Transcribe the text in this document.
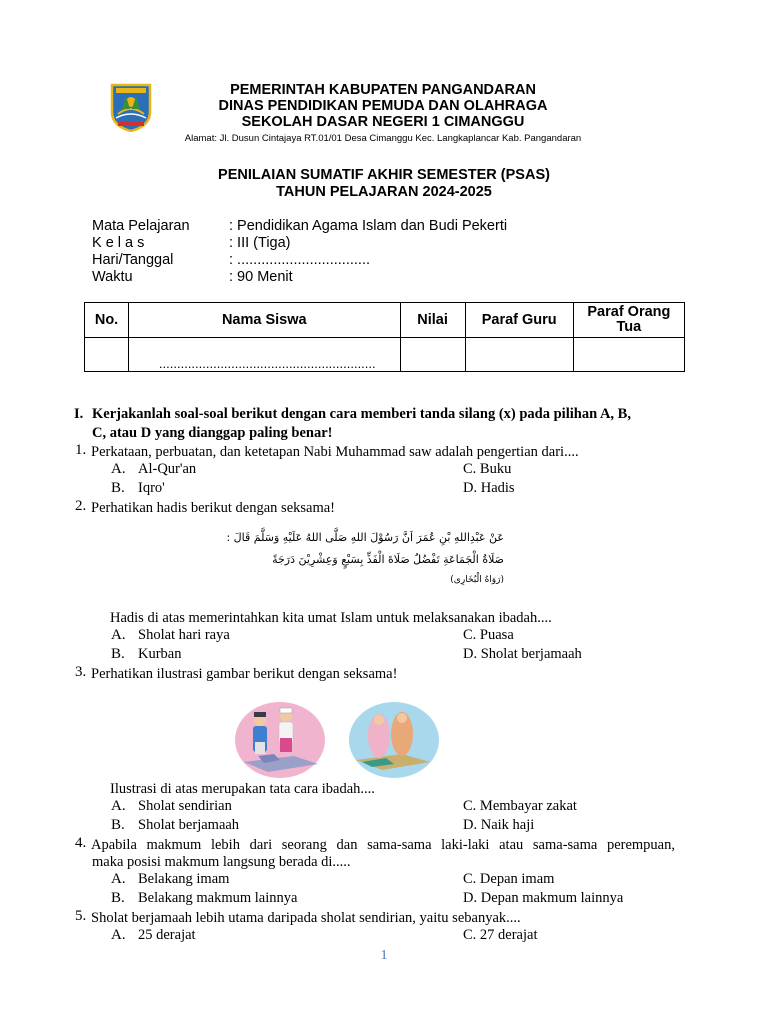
PEMERINTAH KABUPATEN PANGANDARAN
DINAS PENDIDIKAN PEMUDA DAN OLAHRAGA
SEKOLAH DASAR NEGERI 1 CIMANGGU
Alamat: Jl. Dusun Cintajaya RT.01/01 Desa Cimanggu Kec. Langkaplancar Kab. Pangandaran
PENILAIAN SUMATIF AKHIR SEMESTER (PSAS)
TAHUN PELAJARAN 2024-2025
Mata Pelajaran	: Pendidikan Agama Islam dan Budi Pekerti
K e l a s	: III (Tiga)
Hari/Tanggal	: .................................
Waktu	: 90 Menit
No.	Nama Siswa	Nilai	Paraf Guru	Paraf Orang Tua
	............................................................			
I. Kerjakanlah soal-soal berikut dengan cara memberi tanda silang (x) pada pilihan A, B,
C, atau D yang dianggap paling benar!
1. Perkataan, perbuatan, dan ketetapan Nabi Muhammad saw adalah pengertian dari....
A. Al-Qur'an	C. Buku
B. Iqro'	D. Hadis
2. Perhatikan hadis berikut dengan seksama!
عَنْ عَبْدِاللهِ بْنِ عُمَرَ اَنَّ رَسُوْلَ اللهِ صَلَّى اللهُ عَلَيْهِ وَسَلَّمَ قَالَ :
صَلَاةُ الْجَمَاعَةِ تَفْضُلُ صَلَاةَ الْفَذِّ بِسَبْعٍ وَعِشْرِيْنَ دَرَجَةً
(رَوَاهُ الْبُخَارِى)
Hadis di atas memerintahkan kita umat Islam untuk melaksanakan ibadah....
A. Sholat hari raya	C. Puasa
B. Kurban	D. Sholat berjamaah
3. Perhatikan ilustrasi gambar berikut dengan seksama!
Ilustrasi di atas merupakan tata cara ibadah....
A. Sholat sendirian	C. Membayar zakat
B. Sholat berjamaah	D. Naik haji
4. Apabila makmum lebih dari seorang dan sama-sama laki-laki atau sama-sama perempuan,
maka posisi makmum langsung berada di.....
A. Belakang imam	C. Depan imam
B. Belakang makmum lainnya	D. Depan makmum lainnya
5. Sholat berjamaah lebih utama daripada sholat sendirian, yaitu sebanyak....
A. 25 derajat	C. 27 derajat
1
